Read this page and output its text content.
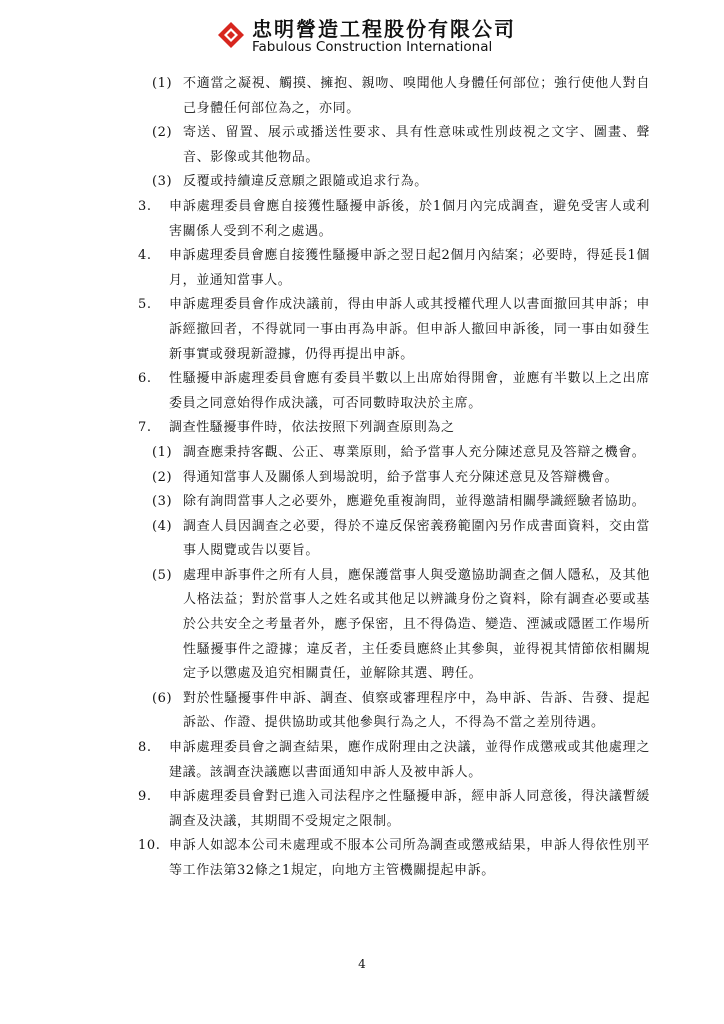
忠明營造工程股份有限公司
Fabulous Construction International
(1) 不適當之凝視、觸摸、擁抱、親吻、嗅聞他人身體任何部位；強行使他人對自己身體任何部位為之，亦同。
(2) 寄送、留置、展示或播送性要求、具有性意味或性別歧視之文字、圖畫、聲音、影像或其他物品。
(3) 反覆或持續違反意願之跟隨或追求行為。
3. 申訴處理委員會應自接獲性騷擾申訴後，於1個月內完成調查，避免受害人或利害關係人受到不利之處遇。
4. 申訴處理委員會應自接獲性騷擾申訴之翌日起2個月內結案；必要時，得延長1個月，並通知當事人。
5. 申訴處理委員會作成決議前，得由申訴人或其授權代理人以書面撤回其申訴；申訴經撤回者，不得就同一事由再為申訴。但申訴人撤回申訴後，同一事由如發生新事實或發現新證據，仍得再提出申訴。
6. 性騷擾申訴處理委員會應有委員半數以上出席始得開會，並應有半數以上之出席委員之同意始得作成決議，可否同數時取決於主席。
7. 調查性騷擾事件時，依法按照下列調查原則為之
(1) 調查應秉持客觀、公正、專業原則，給予當事人充分陳述意見及答辯之機會。
(2) 得通知當事人及關係人到場說明，給予當事人充分陳述意見及答辯機會。
(3) 除有詢問當事人之必要外，應避免重複詢問，並得邀請相關學識經驗者協助。
(4) 調查人員因調查之必要，得於不違反保密義務範圍內另作成書面資料，交由當事人閱覽或告以要旨。
(5) 處理申訴事件之所有人員，應保護當事人與受邀協助調查之個人隱私，及其他人格法益；對於當事人之姓名或其他足以辨識身份之資料，除有調查必要或基於公共安全之考量者外，應予保密，且不得偽造、變造、湮滅或隱匿工作場所性騷擾事件之證據；違反者，主任委員應終止其參與，並得視其情節依相關規定予以懲處及追究相關責任，並解除其選、聘任。
(6) 對於性騷擾事件申訴、調查、偵察或審理程序中，為申訴、告訴、告發、提起訴訟、作證、提供協助或其他參與行為之人，不得為不當之差別待遇。
8. 申訴處理委員會之調查結果，應作成附理由之決議，並得作成懲戒或其他處理之建議。該調查決議應以書面通知申訴人及被申訴人。
9. 申訴處理委員會對已進入司法程序之性騷擾申訴，經申訴人同意後，得決議暫緩調查及決議，其期間不受規定之限制。
10. 申訴人如認本公司未處理或不服本公司所為調查或懲戒結果，申訴人得依性別平等工作法第32條之1規定，向地方主管機關提起申訴。
4
